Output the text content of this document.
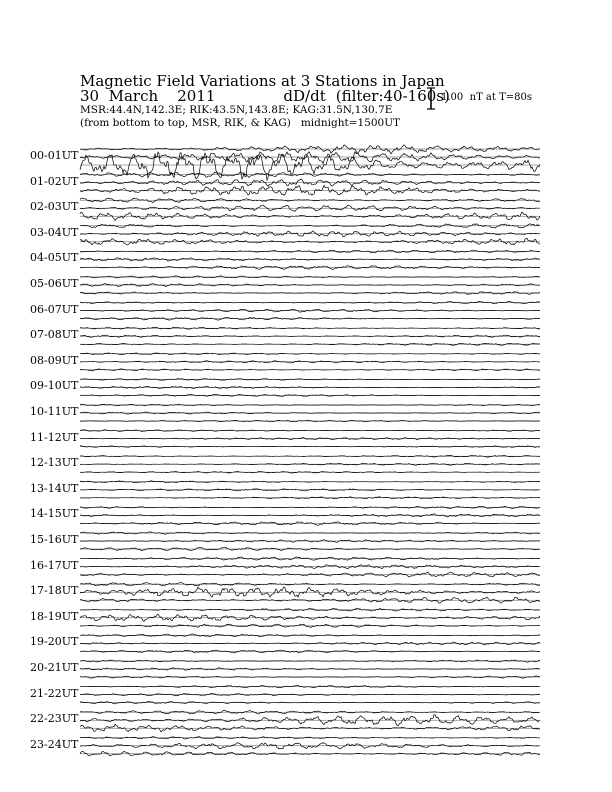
Magnetic Field Variations at 3 Stations in Japan
30  March    2011	dD/dt (filter:40-160s)
MSR:44.4N,142.3E; RIK:43.5N,143.8E; KAG:31.5N,130.7E
(from bottom to top, MSR, RIK, & KAG)   midnight=1500UT
1.00  nT at T=80s
00-01UT
01-02UT
02-03UT
03-04UT
04-05UT
05-06UT
06-07UT
07-08UT
08-09UT
09-10UT
10-11UT
11-12UT
12-13UT
13-14UT
14-15UT
15-16UT
16-17UT
17-18UT
18-19UT
19-20UT
20-21UT
21-22UT
22-23UT
23-24UT
